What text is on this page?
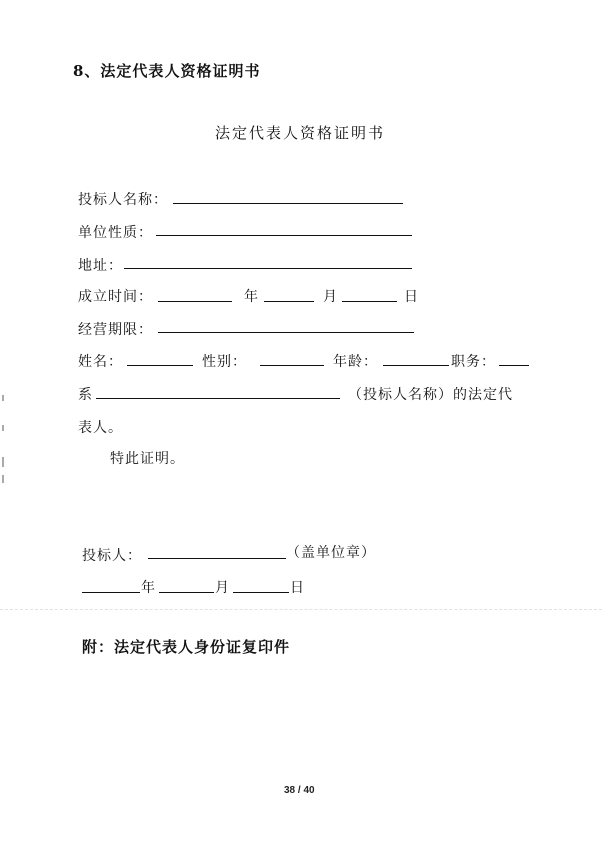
8、法定代表人资格证明书
法定代表人资格证明书
投标人名称：
单位性质：
地址：
成立时间：	年	月	日
经营期限：
姓名：	性别：	年龄：	职务：
系	（投标人名称）的法定代
表人。
特此证明。
投标人：	（盖单位章）
年	月	日
附：法定代表人身份证复印件
38 / 40
